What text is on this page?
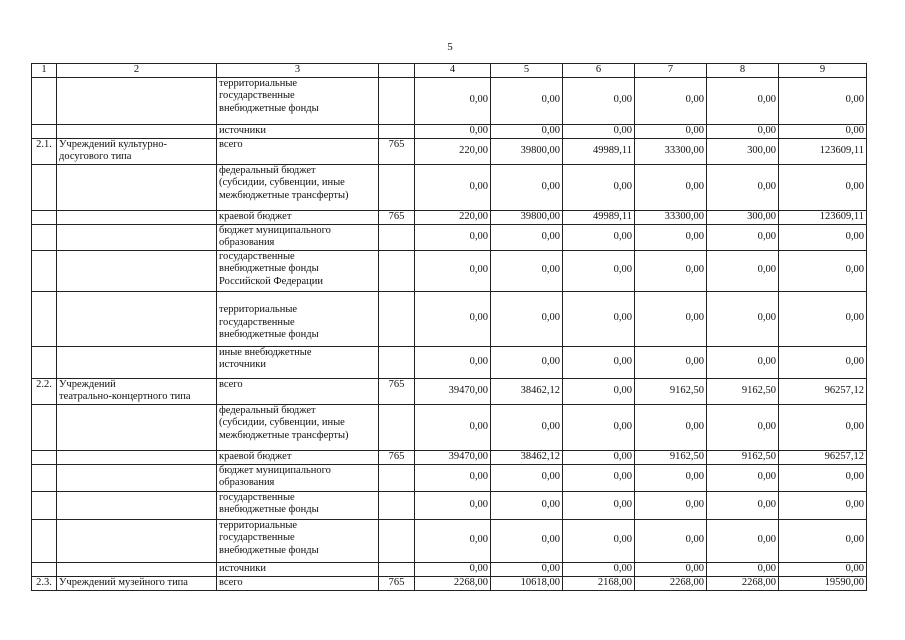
5
1	2	3		4	5	6	7	8	9
		территориальные
государственные
внебюджетные фонды		0,00	0,00	0,00	0,00	0,00	0,00
		источники		0,00	0,00	0,00	0,00	0,00	0,00
2.1.	Учреждений культурно-
досугового типа	всего	765	220,00	39800,00	49989,11	33300,00	300,00	123609,11
		федеральный бюджет
(субсидии, субвенции, иные
межбюджетные трансферты)		0,00	0,00	0,00	0,00	0,00	0,00
		краевой бюджет	765	220,00	39800,00	49989,11	33300,00	300,00	123609,11
		бюджет муниципального
образования		0,00	0,00	0,00	0,00	0,00	0,00
		государственные
внебюджетные фонды
Российской Федерации		0,00	0,00	0,00	0,00	0,00	0,00

территориальные
государственные
внебюджетные фонды		0,00	0,00	0,00	0,00	0,00	0,00
		иные внебюджетные
источники		0,00	0,00	0,00	0,00	0,00	0,00
2.2.	Учреждений
театрально-концертного типа	всего	765	39470,00	38462,12	0,00	9162,50	9162,50	96257,12
		федеральный бюджет
(субсидии, субвенции, иные
межбюджетные трансферты)		0,00	0,00	0,00	0,00	0,00	0,00
		краевой бюджет	765	39470,00	38462,12	0,00	9162,50	9162,50	96257,12
		бюджет муниципального
образования		0,00	0,00	0,00	0,00	0,00	0,00
		государственные
внебюджетные фонды		0,00	0,00	0,00	0,00	0,00	0,00
		территориальные
государственные
внебюджетные фонды		0,00	0,00	0,00	0,00	0,00	0,00
		источники		0,00	0,00	0,00	0,00	0,00	0,00
2.3.	Учреждений музейного типа	всего	765	2268,00	10618,00	2168,00	2268,00	2268,00	19590,00
